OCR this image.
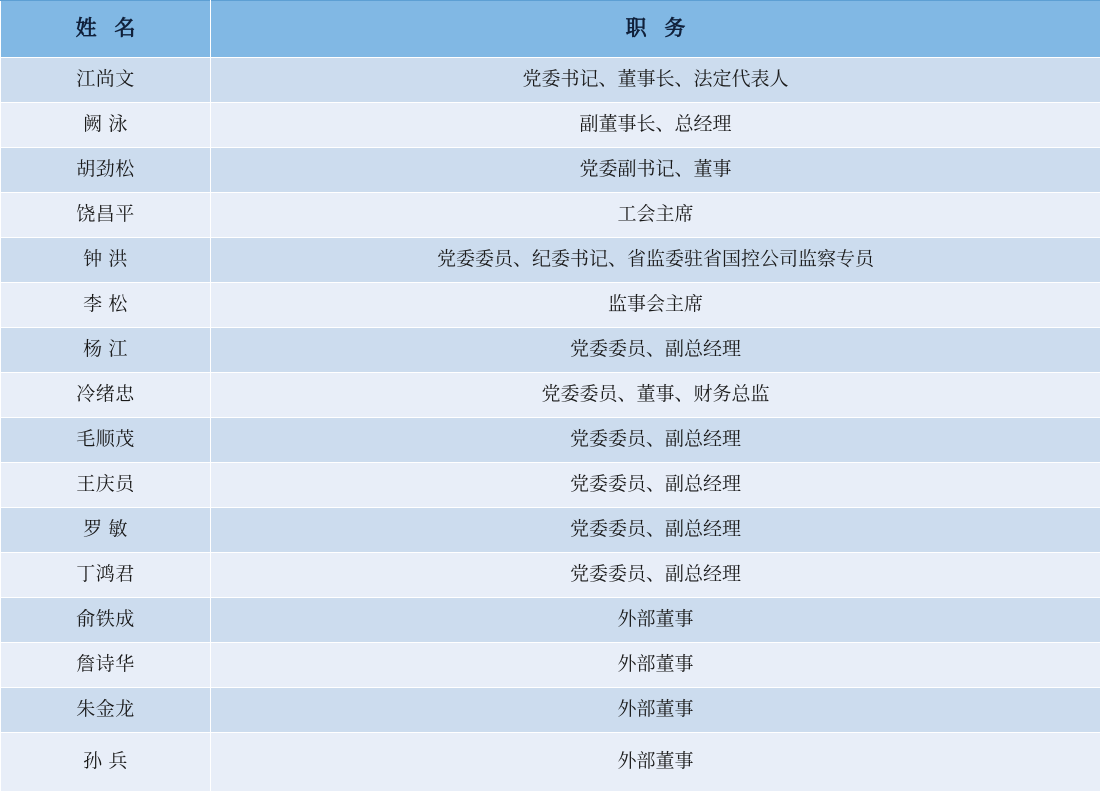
姓 名	职 务
江尚文	党委书记、董事长、法定代表人
阙 泳	副董事长、总经理
胡劲松	党委副书记、董事
饶昌平	工会主席
钟 洪	党委委员、纪委书记、省监委驻省国控公司监察专员
李 松	监事会主席
杨 江	党委委员、副总经理
冷绪忠	党委委员、董事、财务总监
毛顺茂	党委委员、副总经理
王庆员	党委委员、副总经理
罗 敏	党委委员、副总经理
丁鸿君	党委委员、副总经理
俞铁成	外部董事
詹诗华	外部董事
朱金龙	外部董事
孙 兵	外部董事
